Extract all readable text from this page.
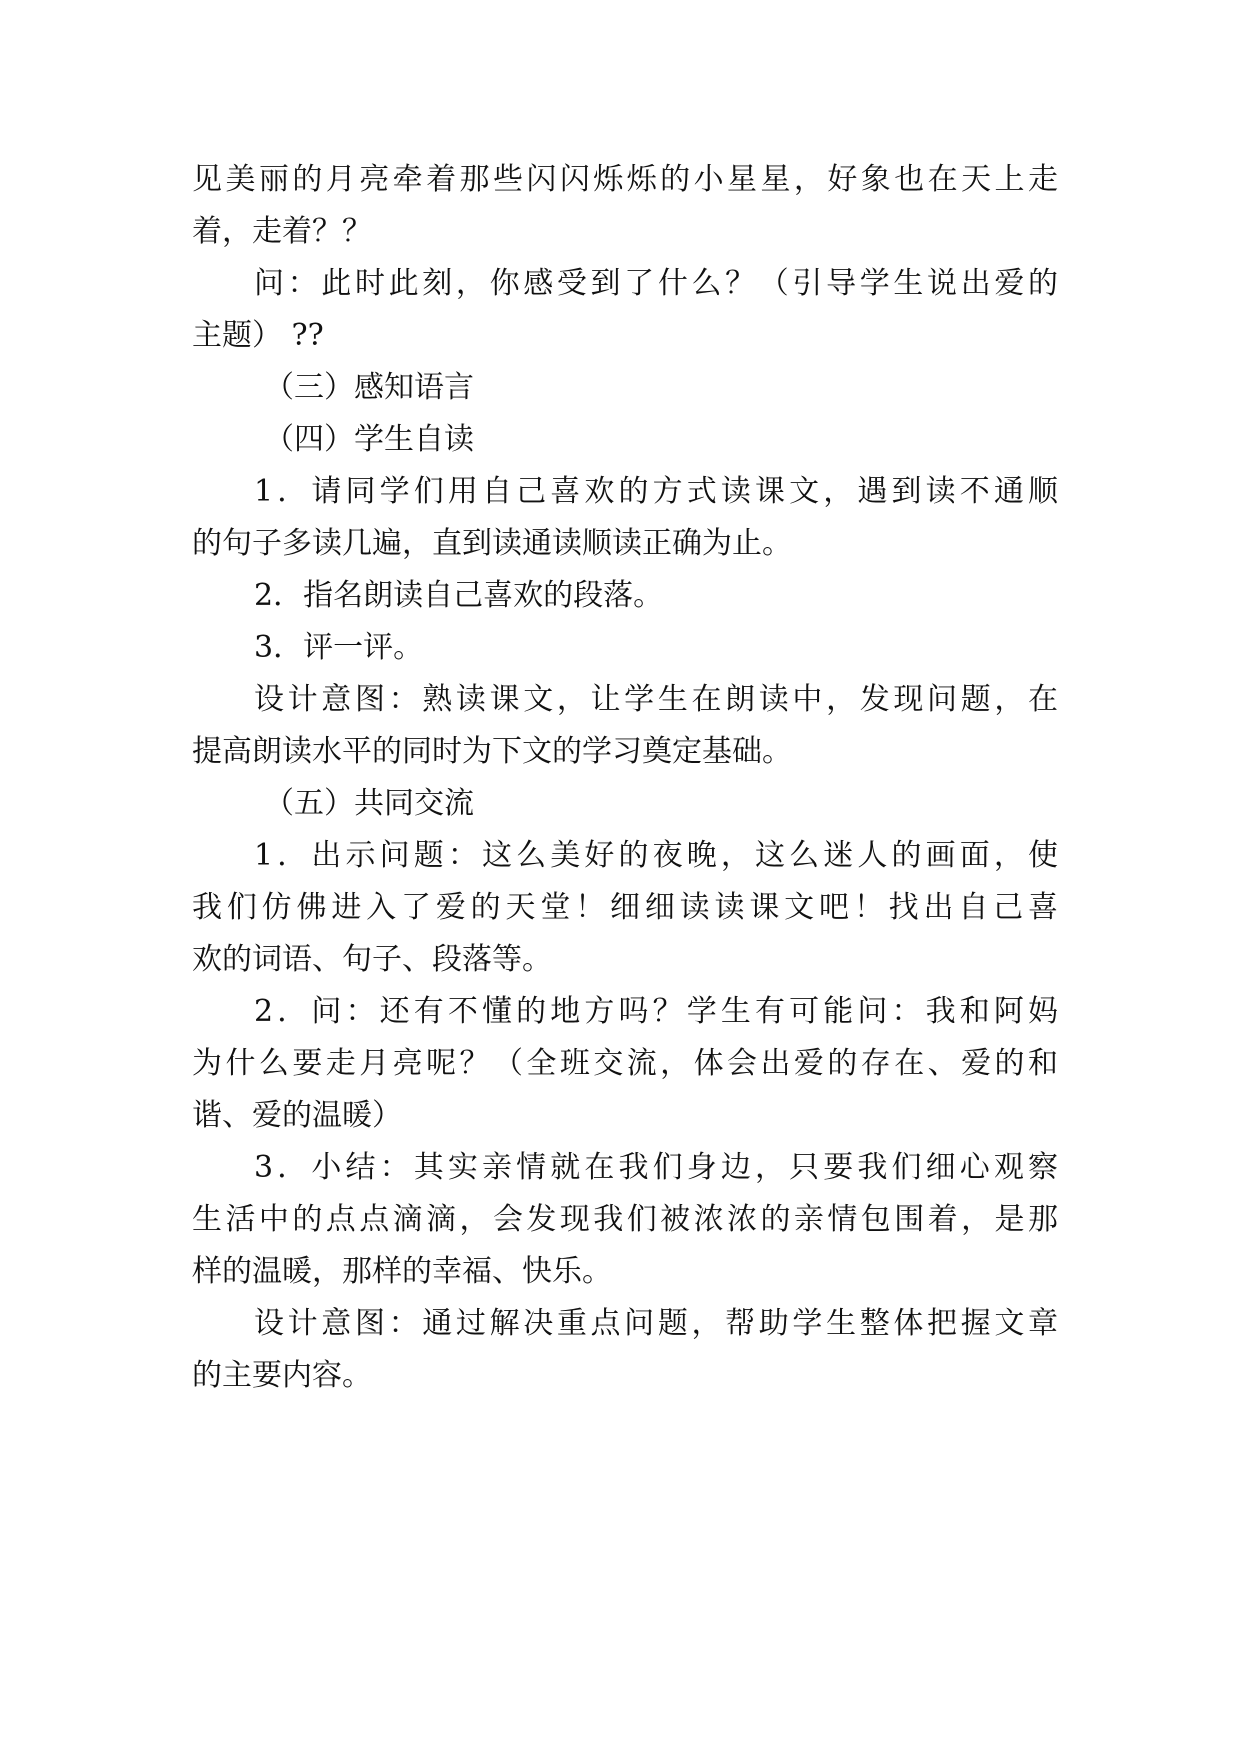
见美丽的月亮牵着那些闪闪烁烁的小星星，好象也在天上走
着，走着？？
问：此时此刻，你感受到了什么？（引导学生说出爱的
主题） ??
（三）感知语言
（四）学生自读
1．请同学们用自己喜欢的方式读课文，遇到读不通顺
的句子多读几遍，直到读通读顺读正确为止。
2．指名朗读自己喜欢的段落。
3．评一评。
设计意图：熟读课文，让学生在朗读中，发现问题，在
提高朗读水平的同时为下文的学习奠定基础。
（五）共同交流
1．出示问题：这么美好的夜晚，这么迷人的画面，使
我们仿佛进入了爱的天堂！细细读读课文吧！找出自己喜
欢的词语、句子、段落等。
2．问：还有不懂的地方吗？学生有可能问：我和阿妈
为什么要走月亮呢？（全班交流，体会出爱的存在、爱的和
谐、爱的温暖）
3．小结：其实亲情就在我们身边，只要我们细心观察
生活中的点点滴滴，会发现我们被浓浓的亲情包围着，是那
样的温暖，那样的幸福、快乐。
设计意图：通过解决重点问题，帮助学生整体把握文章
的主要内容。
